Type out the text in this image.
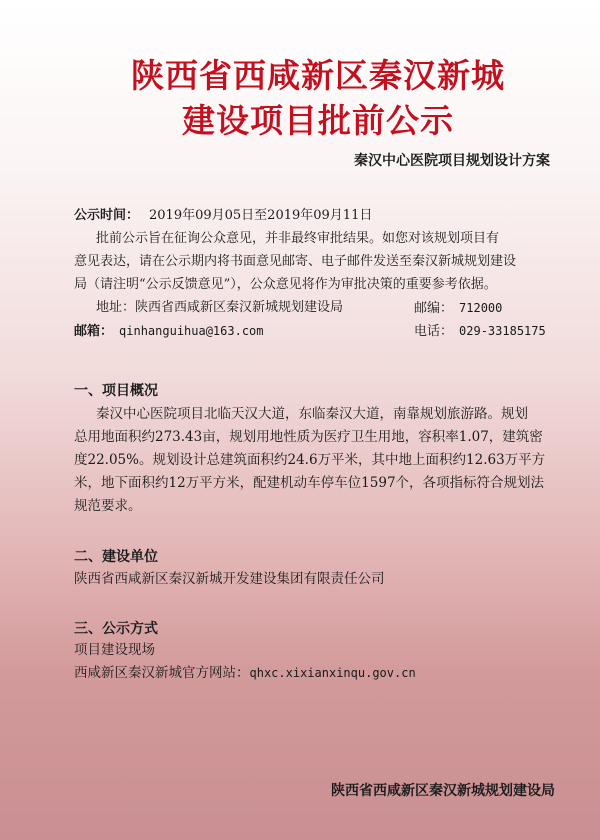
陕西省西咸新区秦汉新城
建设项目批前公示
秦汉中心医院项目规划设计方案
公示时间： 2019年09月05日至2019年09月11日
批前公示旨在征询公众意见，并非最终审批结果。如您对该规划项目有
意见表达，请在公示期内将书面意见邮寄、电子邮件发送至秦汉新城规划建设
局（请注明“公示反馈意见”），公众意见将作为审批决策的重要参考依据。
地址：陕西省西咸新区秦汉新城规划建设局	邮编： 712000
邮箱： qinhanguihua@163.com	电话： 029-33185175
一、项目概况
秦汉中心医院项目北临天汉大道，东临秦汉大道，南靠规划旅游路。规划
总用地面积约273.43亩，规划用地性质为医疗卫生用地，容积率1.07，建筑密
度22.05%。规划设计总建筑面积约24.6万平米，其中地上面积约12.63万平方
米，地下面积约12万平方米，配建机动车停车位1597个，各项指标符合规划法
规范要求。
二、建设单位
陕西省西咸新区秦汉新城开发建设集团有限责任公司
三、公示方式
项目建设现场
西咸新区秦汉新城官方网站：qhxc.xixianxinqu.gov.cn
陕西省西咸新区秦汉新城规划建设局
